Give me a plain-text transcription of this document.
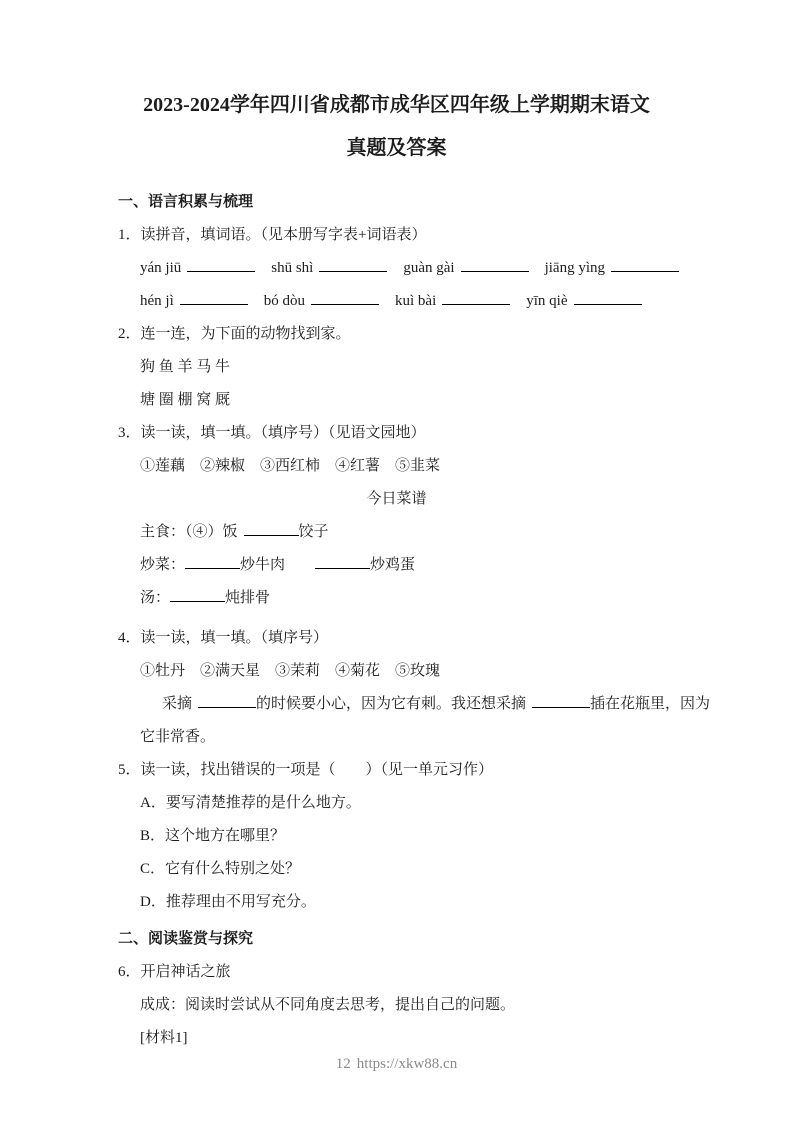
2023-2024学年四川省成都市成华区四年级上学期期末语文
真题及答案
一、语言积累与梳理
1．读拼音，填词语。（见本册写字表+词语表）
yán jiū	shū shì	guàn gài	jiāng yìng
hén jì	bó dòu	kuì bài	yīn qiè
2．连一连，为下面的动物找到家。
狗 鱼 羊 马 牛
塘 圈 棚 窝 厩
3．读一读，填一填。（填序号）（见语文园地）
①莲藕　②辣椒　③西红柿　④红薯　⑤韭菜
今日菜谱
主食：（④）饭	饺子
炒菜：	炒牛肉	炒鸡蛋
汤：	炖排骨
4．读一读，填一填。（填序号）
①牡丹　②满天星　③茉莉　④菊花　⑤玫瑰
采摘	的时候要小心，因为它有刺。我还想采摘	插在花瓶里，因为
它非常香。
5．读一读，找出错误的一项是（　　）（见一单元习作）
A．要写清楚推荐的是什么地方。
B．这个地方在哪里？
C．它有什么特别之处？
D．推荐理由不用写充分。
二、阅读鉴赏与探究
6．开启神话之旅
成成：阅读时尝试从不同角度去思考，提出自己的问题。
[材料1]
12 https://xkw88.cn
